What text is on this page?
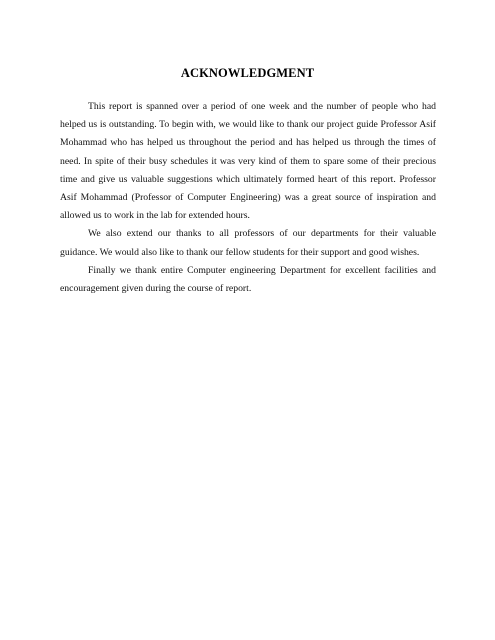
ACKNOWLEDGMENT

This report is spanned over a period of one week and the number of people who had helped us is outstanding. To begin with, we would like to thank our project guide Professor Asif Mohammad who has helped us throughout the period and has helped us through the times of need. In spite of their busy schedules it was very kind of them to spare some of their precious time and give us valuable suggestions which ultimately formed heart of this report. Professor Asif Mohammad (Professor of Computer Engineering) was a great source of inspiration and allowed us to work in the lab for extended hours.

We also extend our thanks to all professors of our departments for their valuable guidance. We would also like to thank our fellow students for their support and good wishes.

Finally we thank entire Computer engineering Department for excellent facilities and encouragement given during the course of report.
